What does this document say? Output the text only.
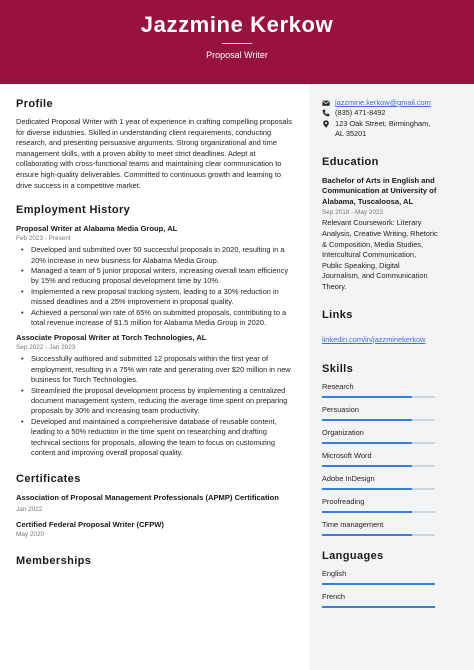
Jazzmine Kerkow
Proposal Writer
Profile
Dedicated Proposal Writer with 1 year of experience in crafting compelling proposals for diverse industries. Skilled in understanding client requirements, conducting research, and presenting persuasive arguments. Strong organizational and time management skills, with a proven ability to meet strict deadlines. Adept at collaborating with cross-functional teams and maintaining clear communication to ensure high-quality deliverables. Committed to continuous growth and learning to drive success in a competitive market.
Employment History
Proposal Writer at Alabama Media Group, AL
Feb 2023 - Present
• Developed and submitted over 50 successful proposals in 2020, resulting in a 20% increase in new business for Alabama Media Group.
• Managed a team of 5 junior proposal writers, increasing overall team efficiency by 15% and reducing proposal development time by 10%.
• Implemented a new proposal tracking system, leading to a 30% reduction in missed deadlines and a 25% improvement in proposal quality.
• Achieved a personal win rate of 65% on submitted proposals, contributing to a total revenue increase of $1.5 million for Alabama Media Group in 2020.
Associate Proposal Writer at Torch Technologies, AL
Sep 2022 - Jan 2023
• Successfully authored and submitted 12 proposals within the first year of employment, resulting in a 75% win rate and generating over $20 million in new business for Torch Technologies.
• Streamlined the proposal development process by implementing a centralized document management system, reducing the average time spent on preparing proposals by 30% and increasing team productivity.
• Developed and maintained a comprehensive database of reusable content, leading to a 50% reduction in the time spent on researching and drafting technical sections for proposals, allowing the team to focus on customizing content and improving overall proposal quality.
Certificates
Association of Proposal Management Professionals (APMP) Certification
Jan 2022
Certified Federal Proposal Writer (CFPW)
May 2020
Memberships
jazzmine.kerkow@gmail.com
(835) 471-8492
123 Oak Street, Birmingham, AL 35201
Education
Bachelor of Arts in English and Communication at University of Alabama, Tuscaloosa, AL
Sep 2018 - May 2022
Relevant Coursework: Literary Analysis, Creative Writing, Rhetoric & Composition, Media Studies, Intercultural Communication, Public Speaking, Digital Journalism, and Communication Theory.
Links
linkedin.com/in/jazzminekerkow
Skills
Research
Persuasion
Organization
Microsoft Word
Adobe InDesign
Proofreading
Time management
Languages
English
French
